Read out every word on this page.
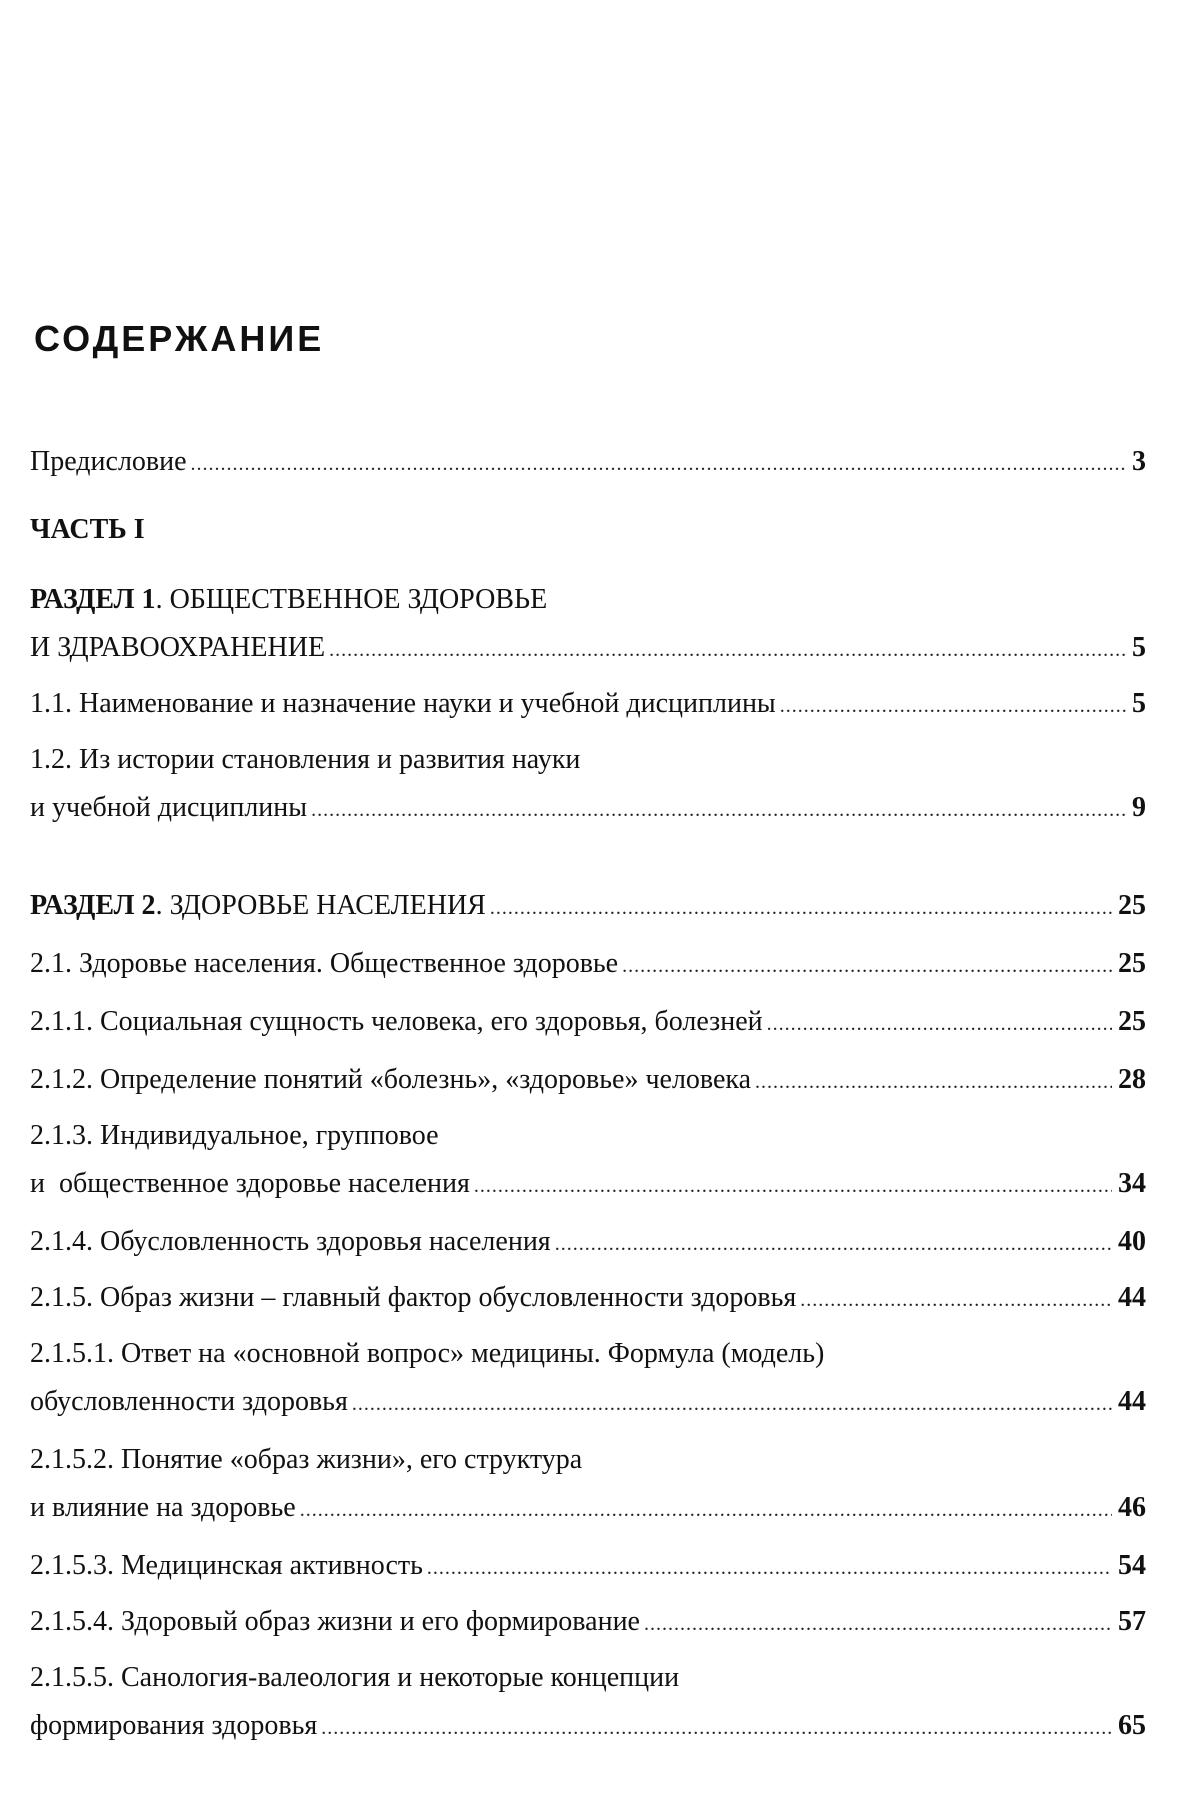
СОДЕРЖАНИЕ
Предисловие .....	3
ЧАСТЬ I
РАЗДЕЛ 1. ОБЩЕСТВЕННОЕ ЗДОРОВЬЕ
И ЗДРАВООХРАНЕНИЕ .....	5
1.1. Наименование и назначение науки и учебной дисциплины .....	5
1.2. Из истории становления и развития науки
и учебной дисциплины .....	9
РАЗДЕЛ 2. ЗДОРОВЬЕ НАСЕЛЕНИЯ .....	25
2.1. Здоровье населения. Общественное здоровье .....	25
2.1.1. Социальная сущность человека, его здоровья, болезней .....	25
2.1.2. Определение понятий «болезнь», «здоровье» человека .....	28
2.1.3. Индивидуальное, групповое
и  общественное здоровье населения .....	34
2.1.4. Обусловленность здоровья населения .....	40
2.1.5. Образ жизни – главный фактор обусловленности здоровья .....	44
2.1.5.1. Ответ на «основной вопрос» медицины. Формула (модель)
обусловленности здоровья .....	44
2.1.5.2. Понятие «образ жизни», его структура
и влияние на здоровье .....	46
2.1.5.3. Медицинская активность .....	54
2.1.5.4. Здоровый образ жизни и его формирование .....	57
2.1.5.5. Санология-валеология и некоторые концепции
формирования здоровья .....	65
